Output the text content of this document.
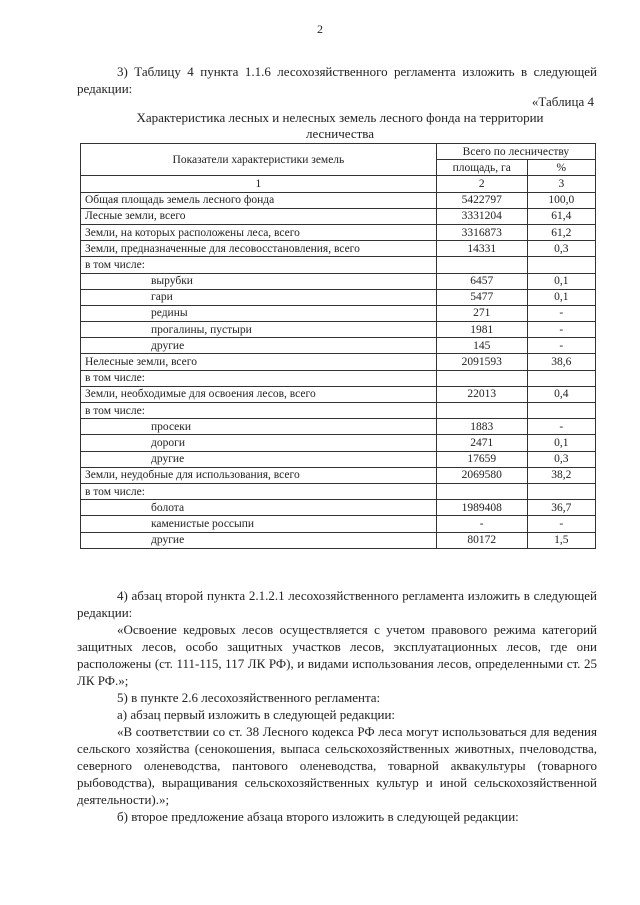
2

3) Таблицу 4 пункта 1.1.6 лесохозяйственного регламента изложить в следующей редакции:

«Таблица 4
Характеристика лесных и нелесных земель лесного фонда на территории лесничества
Показатели характеристики земель	Всего по лесничеству	
	площадь, га	%
1	2	3
Общая площадь земель лесного фонда	5422797	100,0
Лесные земли, всего	3331204	61,4
Земли, на которых расположены леса, всего	3316873	61,2
Земли, предназначенные для лесовосстановления, всего	14331	0,3
в том числе:		
вырубки	6457	0,1
гари	5477	0,1
редины	271	-
прогалины, пустыри	1981	-
другие	145	-
Нелесные земли, всего	2091593	38,6
в том числе:		
Земли, необходимые для освоения лесов, всего	22013	0,4
в том числе:		
просеки	1883	-
дороги	2471	0,1
другие	17659	0,3
Земли, неудобные для использования, всего	2069580	38,2
в том числе:		
болота	1989408	36,7
каменистые россыпи	-	-
другие	80172	1,5

4) абзац второй пункта 2.1.2.1 лесохозяйственного регламента изложить в следующей редакции:

«Освоение кедровых лесов осуществляется с учетом правового режима категорий защитных лесов, особо защитных участков лесов, эксплуатационных лесов, где они расположены (ст. 111-115, 117 ЛК РФ), и видами использования лесов, определенными ст. 25 ЛК РФ.»;

5) в пункте 2.6 лесохозяйственного регламента:

а) абзац первый изложить в следующей редакции:

«В соответствии со ст. 38 Лесного кодекса РФ леса могут использоваться для ведения сельского хозяйства (сенокошения, выпаса сельскохозяйственных животных, пчеловодства, северного оленеводства, пантового оленеводства, товарной аквакультуры (товарного рыбоводства), выращивания сельскохозяйственных культур и иной сельскохозяйственной деятельности).»;

б) второе предложение абзаца второго изложить в следующей редакции:
